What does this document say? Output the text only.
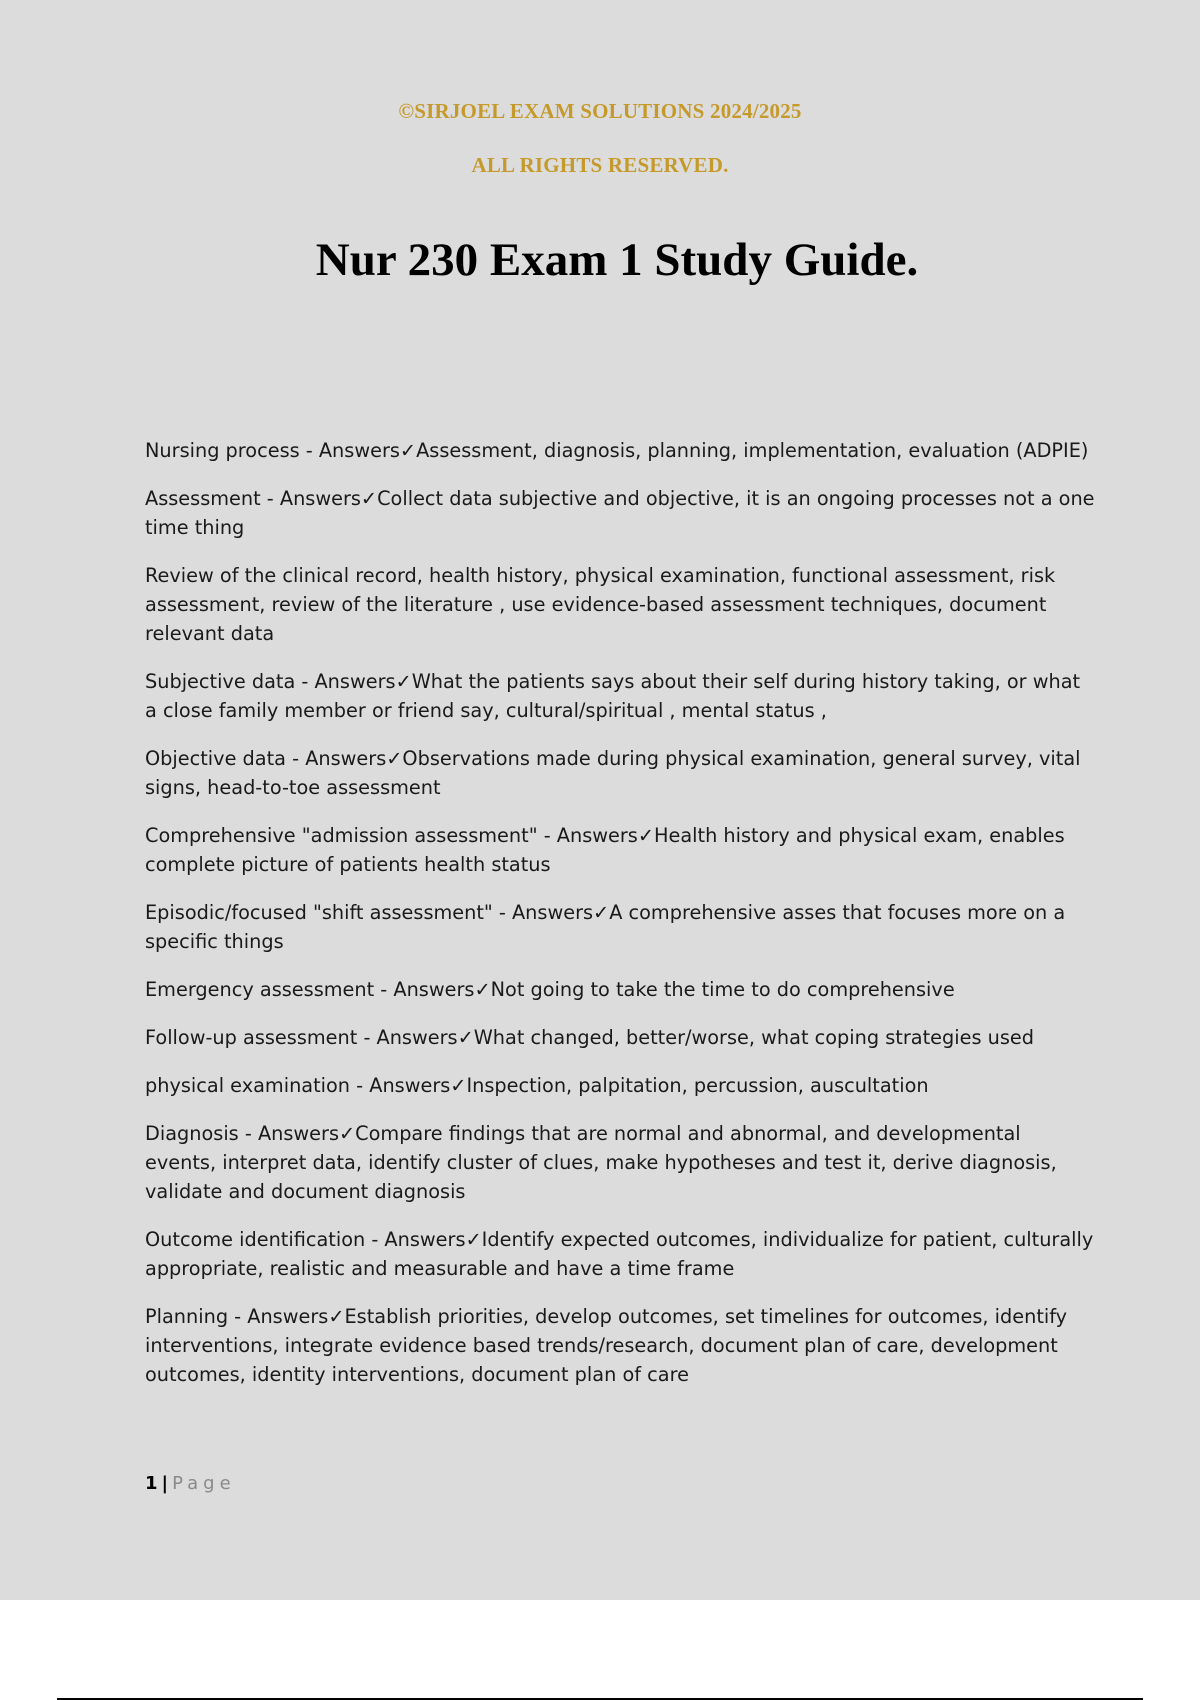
©SIRJOEL EXAM SOLUTIONS 2024/2025
ALL RIGHTS RESERVED.
Nur 230 Exam 1 Study Guide.

Nursing process - Answers✓Assessment, diagnosis, planning, implementation, evaluation (ADPIE)

Assessment - Answers✓Collect data subjective and objective, it is an ongoing processes not a one time thing

Review of the clinical record, health history, physical examination, functional assessment, risk assessment, review of the literature , use evidence-based assessment techniques, document relevant data

Subjective data - Answers✓What the patients says about their self during history taking, or what a close family member or friend say, cultural/spiritual , mental status ,

Objective data - Answers✓Observations made during physical examination, general survey, vital signs, head-to-toe assessment

Comprehensive "admission assessment" - Answers✓Health history and physical exam, enables complete picture of patients health status

Episodic/focused "shift assessment" - Answers✓A comprehensive asses that focuses more on a specific things

Emergency assessment - Answers✓Not going to take the time to do comprehensive

Follow-up assessment - Answers✓What changed, better/worse, what coping strategies used

physical examination - Answers✓Inspection, palpitation, percussion, auscultation

Diagnosis - Answers✓Compare findings that are normal and abnormal, and developmental events, interpret data, identify cluster of clues, make hypotheses and test it, derive diagnosis, validate and document diagnosis

Outcome identification - Answers✓Identify expected outcomes, individualize for patient, culturally appropriate, realistic and measurable and have a time frame

Planning - Answers✓Establish priorities, develop outcomes, set timelines for outcomes, identify interventions, integrate evidence based trends/research, document plan of care, development outcomes, identity interventions, document plan of care

1 | Page
